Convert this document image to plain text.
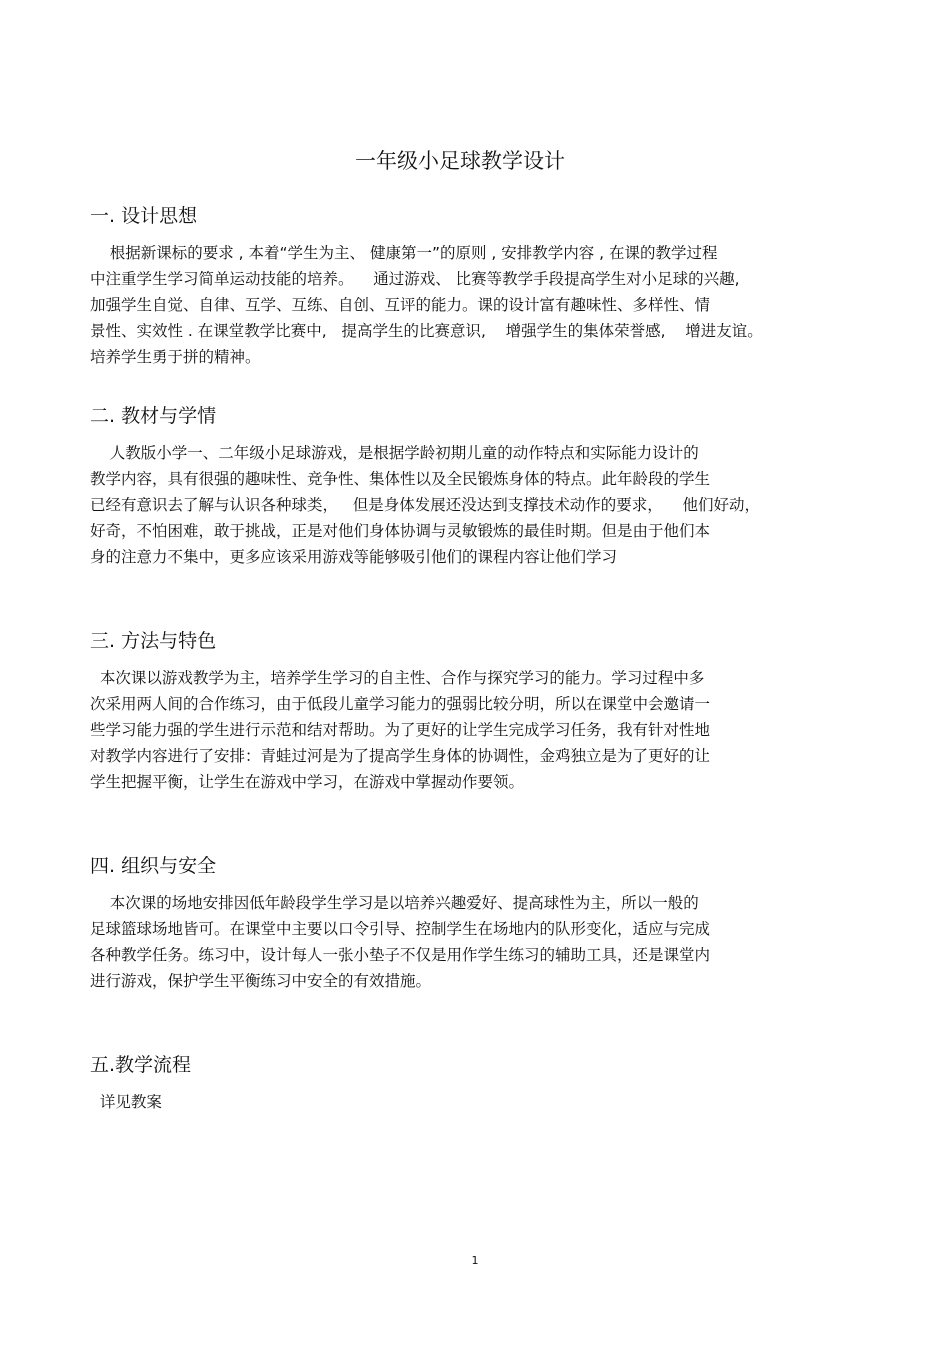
一年级小足球教学设计
一. 设计思想
根据新课标的要求 , 本着“学生为主、 健康第一”的原则 , 安排教学内容 , 在课的教学过程
中注重学生学习简单运动技能的培养。    通过游戏、 比赛等教学手段提高学生对小足球的兴趣,
加强学生自觉、自律、互学、互练、自创、互评的能力。课的设计富有趣味性、多样性、情
景性、实效性 . 在课堂教学比赛中,   提高学生的比赛意识,    增强学生的集体荣誉感,    增进友谊。
培养学生勇于拼的精神。
二. 教材与学情
人教版小学一、二年级小足球游戏，是根据学龄初期儿童的动作特点和实际能力设计的
教学内容，具有很强的趣味性、竞争性、集体性以及全民锻炼身体的特点。此年龄段的学生
已经有意识去了解与认识各种球类，   但是身体发展还没达到支撑技术动作的要求，    他们好动，
好奇，不怕困难，敢于挑战，正是对他们身体协调与灵敏锻炼的最佳时期。但是由于他们本
身的注意力不集中，更多应该采用游戏等能够吸引他们的课程内容让他们学习
三. 方法与特色
本次课以游戏教学为主，培养学生学习的自主性、合作与探究学习的能力。学习过程中多
次采用两人间的合作练习，由于低段儿童学习能力的强弱比较分明，所以在课堂中会邀请一
些学习能力强的学生进行示范和结对帮助。为了更好的让学生完成学习任务，我有针对性地
对教学内容进行了安排：青蛙过河是为了提高学生身体的协调性，金鸡独立是为了更好的让
学生把握平衡，让学生在游戏中学习，在游戏中掌握动作要领。
四. 组织与安全
本次课的场地安排因低年龄段学生学习是以培养兴趣爱好、提高球性为主，所以一般的
足球篮球场地皆可。在课堂中主要以口令引导、控制学生在场地内的队形变化，适应与完成
各种教学任务。练习中，设计每人一张小垫子不仅是用作学生练习的辅助工具，还是课堂内
进行游戏，保护学生平衡练习中安全的有效措施。
五.教学流程
详见教案
1
